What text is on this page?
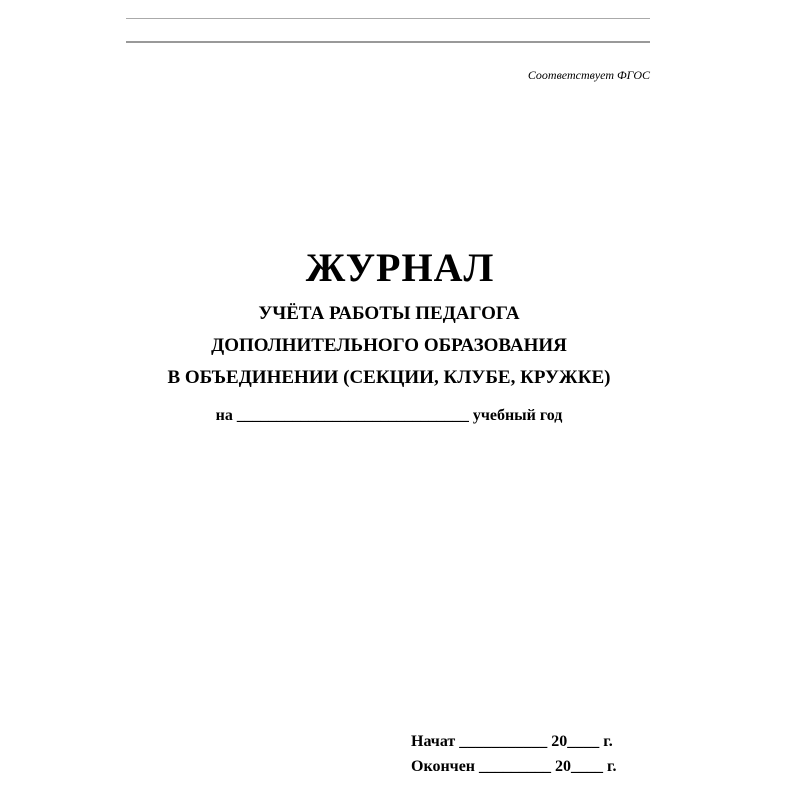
Соответствует ФГОС
ЖУРНАЛ
УЧЁТА РАБОТЫ ПЕДАГОГА
ДОПОЛНИТЕЛЬНОГО ОБРАЗОВАНИЯ
В ОБЪЕДИНЕНИИ (СЕКЦИИ, КЛУБЕ, КРУЖКЕ)
на _____________________________ учебный год
Начат ___________ 20____ г.
Окончен _________ 20____ г.
